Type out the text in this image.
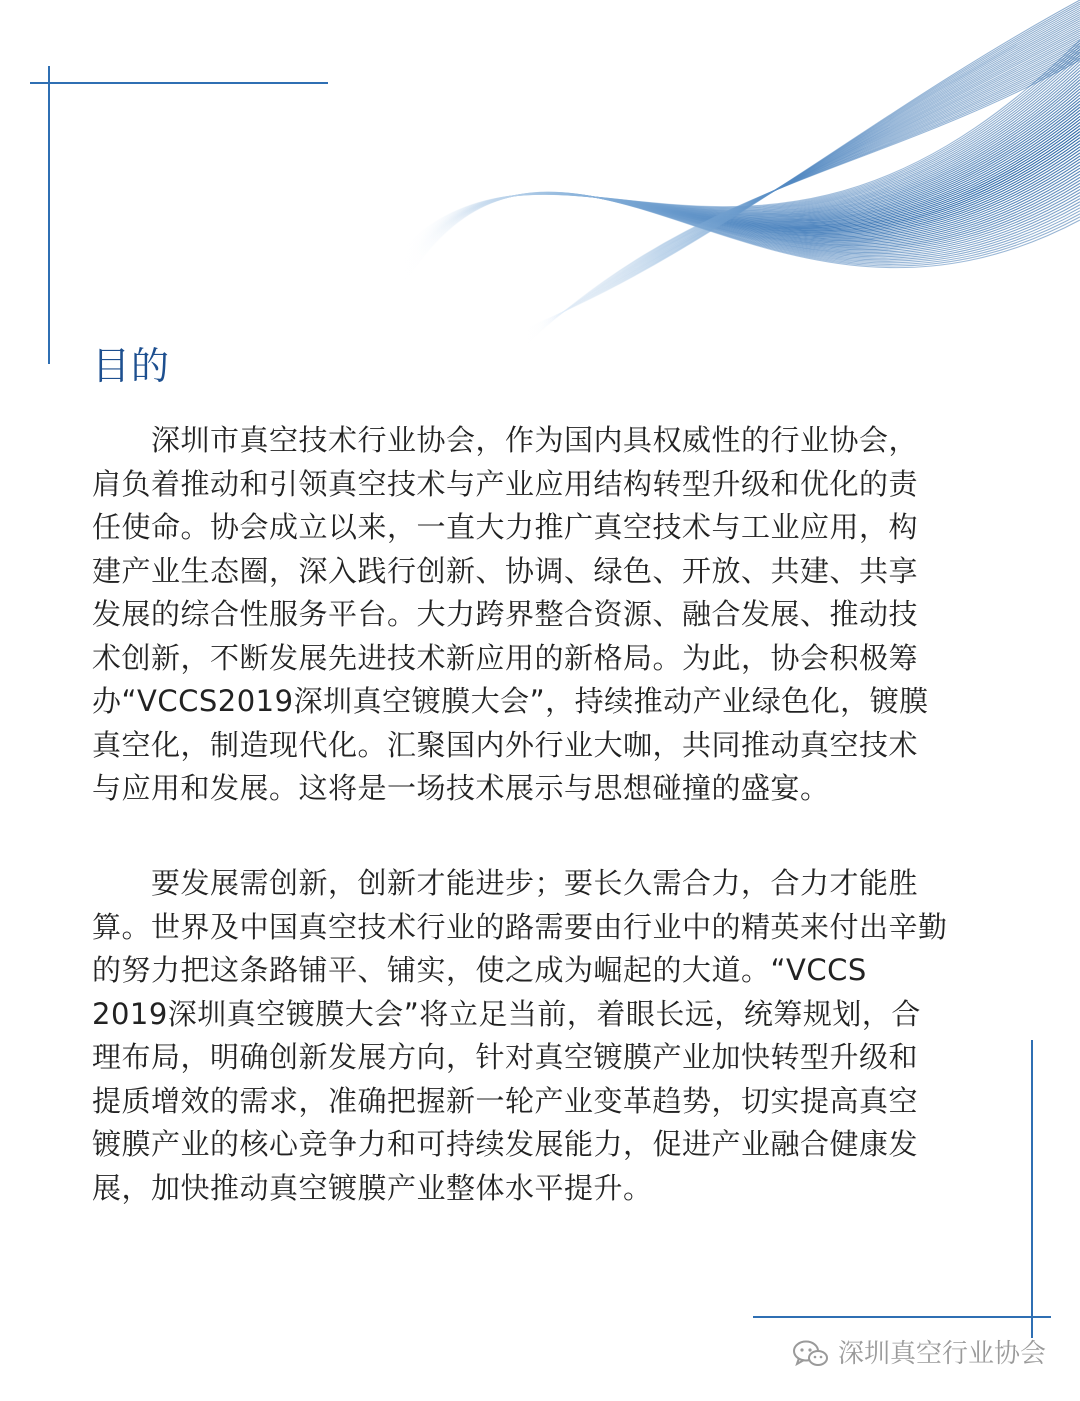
目的

　　深圳市真空技术行业协会，作为国内具权威性的行业协会，
肩负着推动和引领真空技术与产业应用结构转型升级和优化的责
任使命。协会成立以来，一直大力推广真空技术与工业应用，构
建产业生态圈，深入践行创新、协调、绿色、开放、共建、共享
发展的综合性服务平台。大力跨界整合资源、融合发展、推动技
术创新，不断发展先进技术新应用的新格局。为此，协会积极筹
办“VCCS2019深圳真空镀膜大会”，持续推动产业绿色化，镀膜
真空化，制造现代化。汇聚国内外行业大咖，共同推动真空技术
与应用和发展。这将是一场技术展示与思想碰撞的盛宴。

　　要发展需创新，创新才能进步；要长久需合力，合力才能胜
算。世界及中国真空技术行业的路需要由行业中的精英来付出辛勤
的努力把这条路铺平、铺实，使之成为崛起的大道。“VCCS
2019深圳真空镀膜大会”将立足当前，着眼长远，统筹规划，合
理布局，明确创新发展方向，针对真空镀膜产业加快转型升级和
提质增效的需求，准确把握新一轮产业变革趋势，切实提高真空
镀膜产业的核心竞争力和可持续发展能力，促进产业融合健康发
展，加快推动真空镀膜产业整体水平提升。

深圳真空行业协会
